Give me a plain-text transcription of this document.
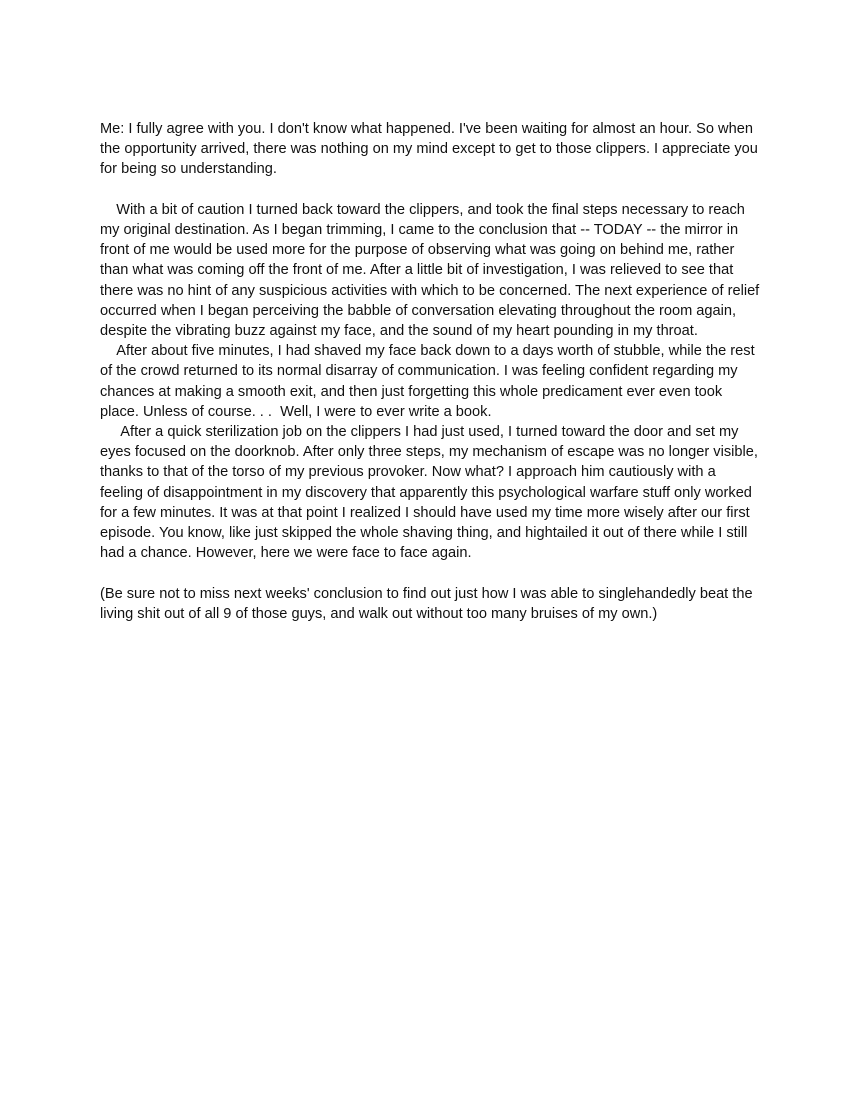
Me: I fully agree with you. I don't know what happened. I've been waiting for almost an hour. So when the opportunity arrived, there was nothing on my mind except to get to those clippers. I appreciate you for being so understanding.

With a bit of caution I turned back toward the clippers, and took the final steps necessary to reach my original destination. As I began trimming, I came to the conclusion that -- TODAY -- the mirror in front of me would be used more for the purpose of observing what was going on behind me, rather than what was coming off the front of me. After a little bit of investigation, I was relieved to see that there was no hint of any suspicious activities with which to be concerned. The next experience of relief occurred when I began perceiving the babble of conversation elevating throughout the room again, despite the vibrating buzz against my face, and the sound of my heart pounding in my throat.

After about five minutes, I had shaved my face back down to a days worth of stubble, while the rest of the crowd returned to its normal disarray of communication. I was feeling confident regarding my chances at making a smooth exit, and then just forgetting this whole predicament ever even took place. Unless of course. . .  Well, I were to ever write a book.

After a quick sterilization job on the clippers I had just used, I turned toward the door and set my eyes focused on the doorknob. After only three steps, my mechanism of escape was no longer visible, thanks to that of the torso of my previous provoker. Now what? I approach him cautiously with a feeling of disappointment in my discovery that apparently this psychological warfare stuff only worked for a few minutes. It was at that point I realized I should have used my time more wisely after our first episode. You know, like just skipped the whole shaving thing, and hightailed it out of there while I still had a chance. However, here we were face to face again.

(Be sure not to miss next weeks' conclusion to find out just how I was able to singlehandedly beat the living shit out of all 9 of those guys, and walk out without too many bruises of my own.)
